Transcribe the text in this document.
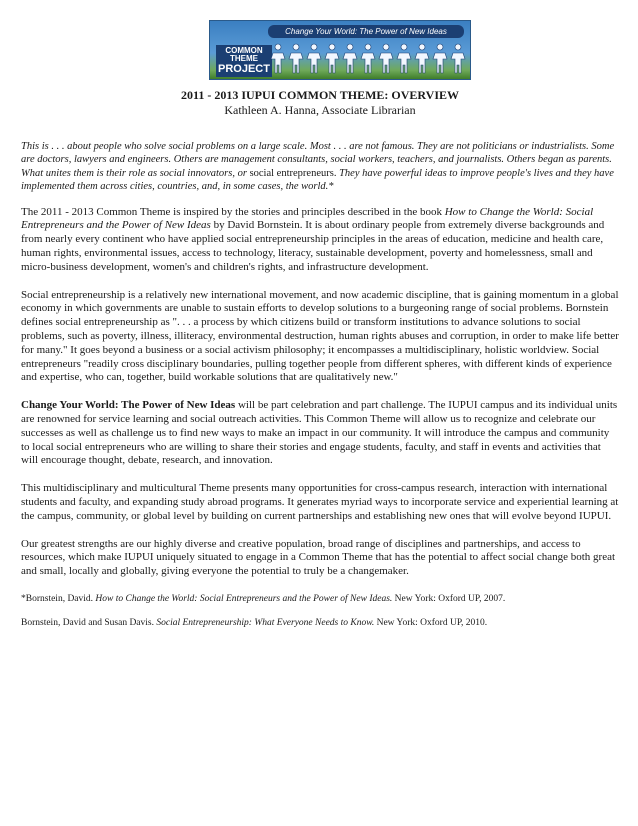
Change Your World: The Power of New Ideas
COMMON THEME
PROJECT
2011 - 2013 IUPUI COMMON THEME: OVERVIEW
Kathleen A. Hanna, Associate Librarian

This is . . . about people who solve social problems on a large scale. Most . . . are not famous. They are not politicians or industrialists. Some are doctors, lawyers and engineers. Others are management consultants, social workers, teachers, and journalists. Others began as parents. What unites them is their role as social innovators, or social entrepreneurs. They have powerful ideas to improve people's lives and they have implemented them across cities, countries, and, in some cases, the world.*

The 2011 - 2013 Common Theme is inspired by the stories and principles described in the book How to Change the World: Social Entrepreneurs and the Power of New Ideas by David Bornstein. It is about ordinary people from extremely diverse backgrounds and from nearly every continent who have applied social entrepreneurship principles in the areas of education, medicine and health care, human rights, environmental issues, access to technology, literacy, sustainable development, poverty and homelessness, small and micro-business development, women's and children's rights, and infrastructure development.

Social entrepreneurship is a relatively new international movement, and now academic discipline, that is gaining momentum in a global economy in which governments are unable to sustain efforts to develop solutions to a burgeoning range of social problems. Bornstein defines social entrepreneurship as ". . . a process by which citizens build or transform institutions to advance solutions to social problems, such as poverty, illness, illiteracy, environmental destruction, human rights abuses and corruption, in order to make life better for many." It goes beyond a business or a social activism philosophy; it encompasses a multidisciplinary, holistic worldview. Social entrepreneurs "readily cross disciplinary boundaries, pulling together people from different spheres, with different kinds of experience and expertise, who can, together, build workable solutions that are qualitatively new."

Change Your World: The Power of New Ideas will be part celebration and part challenge. The IUPUI campus and its individual units are renowned for service learning and social outreach activities. This Common Theme will allow us to recognize and celebrate our successes as well as challenge us to find new ways to make an impact in our community. It will introduce the campus and community to local social entrepreneurs who are willing to share their stories and engage students, faculty, and staff in events and activities that will encourage thought, debate, research, and innovation.

This multidisciplinary and multicultural Theme presents many opportunities for cross-campus research, interaction with international students and faculty, and expanding study abroad programs. It generates myriad ways to incorporate service and experiential learning at the campus, community, or global level by building on current partnerships and establishing new ones that will evolve beyond IUPUI.

Our greatest strengths are our highly diverse and creative population, broad range of disciplines and partnerships, and access to resources, which make IUPUI uniquely situated to engage in a Common Theme that has the potential to affect social change both great and small, locally and globally, giving everyone the potential to truly be a changemaker.

*Bornstein, David. How to Change the World: Social Entrepreneurs and the Power of New Ideas. New York: Oxford UP, 2007.

Bornstein, David and Susan Davis. Social Entrepreneurship: What Everyone Needs to Know. New York: Oxford UP, 2010.
